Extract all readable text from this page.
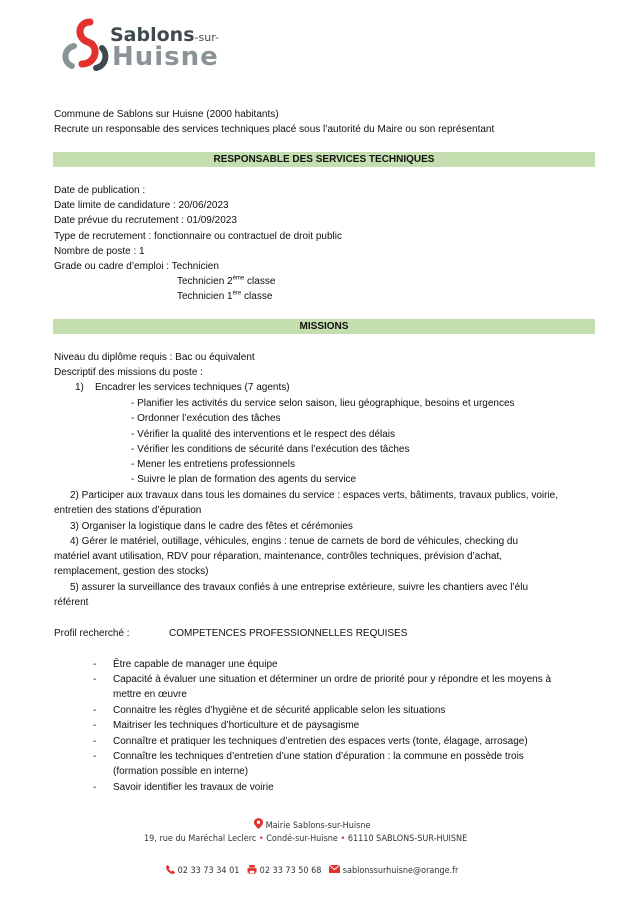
Sablons-sur-
Huisne
Commune de Sablons sur Huisne (2000 habitants)
Recrute un responsable des services techniques placé sous l’autorité du Maire ou son représentant
RESPONSABLE DES SERVICES TECHNIQUES
Date de publication :
Date limite de candidature : 20/06/2023
Date prévue du recrutement : 01/09/2023
Type de recrutement : fonctionnaire ou contractuel de droit public
Nombre de poste : 1
Grade ou cadre d’emploi : Technicien
Technicien 2ème classe
Technicien 1ère classe
MISSIONS
Niveau du diplôme requis : Bac ou équivalent
Descriptif des missions du poste :
1)    Encadrer les services techniques (7 agents)
- Planifier les activités du service selon saison, lieu géographique, besoins et urgences
- Ordonner l’exécution des tâches
- Vérifier la qualité des interventions et le respect des délais
- Vérifier les conditions de sécurité dans l’exécution des tâches
- Mener les entretiens professionnels
- Suivre le plan de formation des agents du service
2) Participer aux travaux dans tous les domaines du service : espaces verts, bâtiments, travaux publics, voirie,
entretien des stations d’épuration
3) Organiser la logistique dans le cadre des fêtes et cérémonies
4) Gérer le matériel, outillage, véhicules, engins : tenue de carnets de bord de véhicules, checking du
matériel avant utilisation, RDV pour réparation, maintenance, contrôles techniques, prévision d’achat,
remplacement, gestion des stocks)
5) assurer la surveillance des travaux confiés à une entreprise extérieure, suivre les chantiers avec l’élu
référent
Profil recherché :	COMPETENCES PROFESSIONNELLES REQUISES
- Être capable de manager une équipe
- Capacité à évaluer une situation et déterminer un ordre de priorité pour y répondre et les moyens à
mettre en œuvre
- Connaitre les règles d’hygiène et de sécurité applicable selon les situations
- Maitriser les techniques d’horticulture et de paysagisme
- Connaître et pratiquer les techniques d’entretien des espaces verts (tonte, élagage, arrosage)
- Connaître les techniques d’entretien d’une station d’épuration : la commune en possède trois
(formation possible en interne)
- Savoir identifier les travaux de voirie
Mairie Sablons-sur-Huisne
19, rue du Maréchal Leclerc • Condé-sur-Huisne • 61110 SABLONS-SUR-HUISNE
02 33 73 34 01 02 33 73 50 68 sablonssurhuisne@orange.fr
